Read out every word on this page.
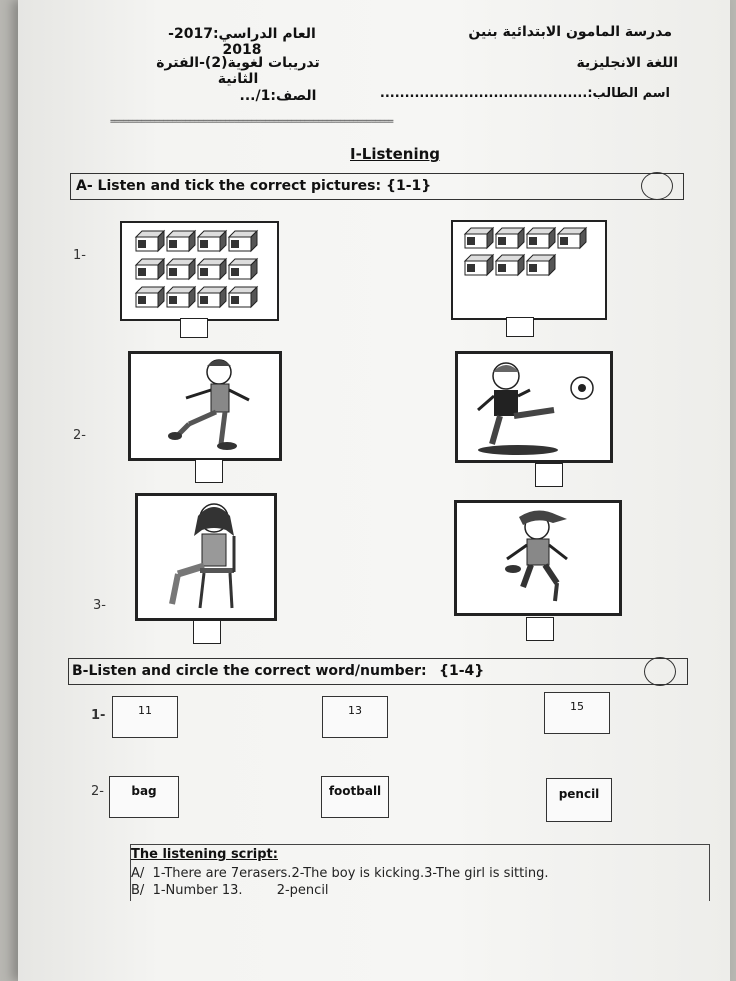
مدرسة المامون الابتدائية بنين
اللغة الانجليزية
اسم الطالب:..........................................
العام الدراسي:2017-2018
تدريبات لغوية(2)-الفترة الثانية
الصف:1/...
================================================================
I-Listening
A- Listen and tick the correct pictures: {1-1}
1-
2-
3-
B-Listen and circle the correct word/number: {1-4}
1-	11	13	15
2-	bag	football	pencil
The listening script:
A/ 1-There are 7erasers.2-The boy is kicking.3-The girl is sitting.
B/ 1-Number 13.	2-pencil
